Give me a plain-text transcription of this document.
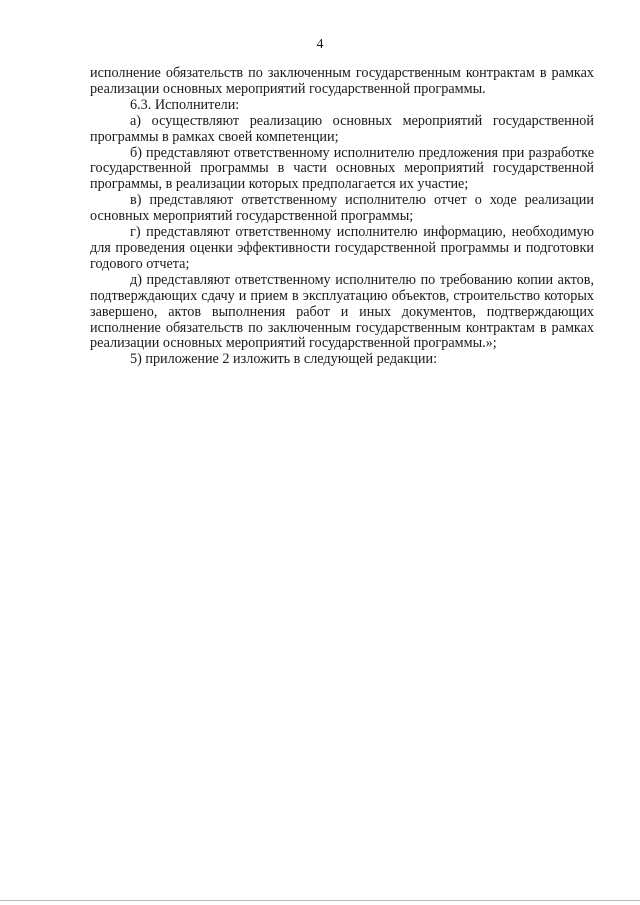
4

исполнение обязательств по заключенным государственным контрактам в рамках реализации основных мероприятий государственной программы.

6.3. Исполнители:

а) осуществляют реализацию основных мероприятий государственной программы в рамках своей компетенции;

б) представляют ответственному исполнителю предложения при разработке государственной программы в части основных мероприятий государственной программы, в реализации которых предполагается их участие;

в) представляют ответственному исполнителю отчет о ходе реализации основных мероприятий государственной программы;

г) представляют ответственному исполнителю информацию, необходимую для проведения оценки эффективности государственной программы и подготовки годового отчета;

д) представляют ответственному исполнителю по требованию копии актов, подтверждающих сдачу и прием в эксплуатацию объектов, строительство которых завершено, актов выполнения работ и иных документов, подтверждающих исполнение обязательств по заключенным государственным контрактам в рамках реализации основных мероприятий государственной программы.»;

5) приложение 2 изложить в следующей редакции:
